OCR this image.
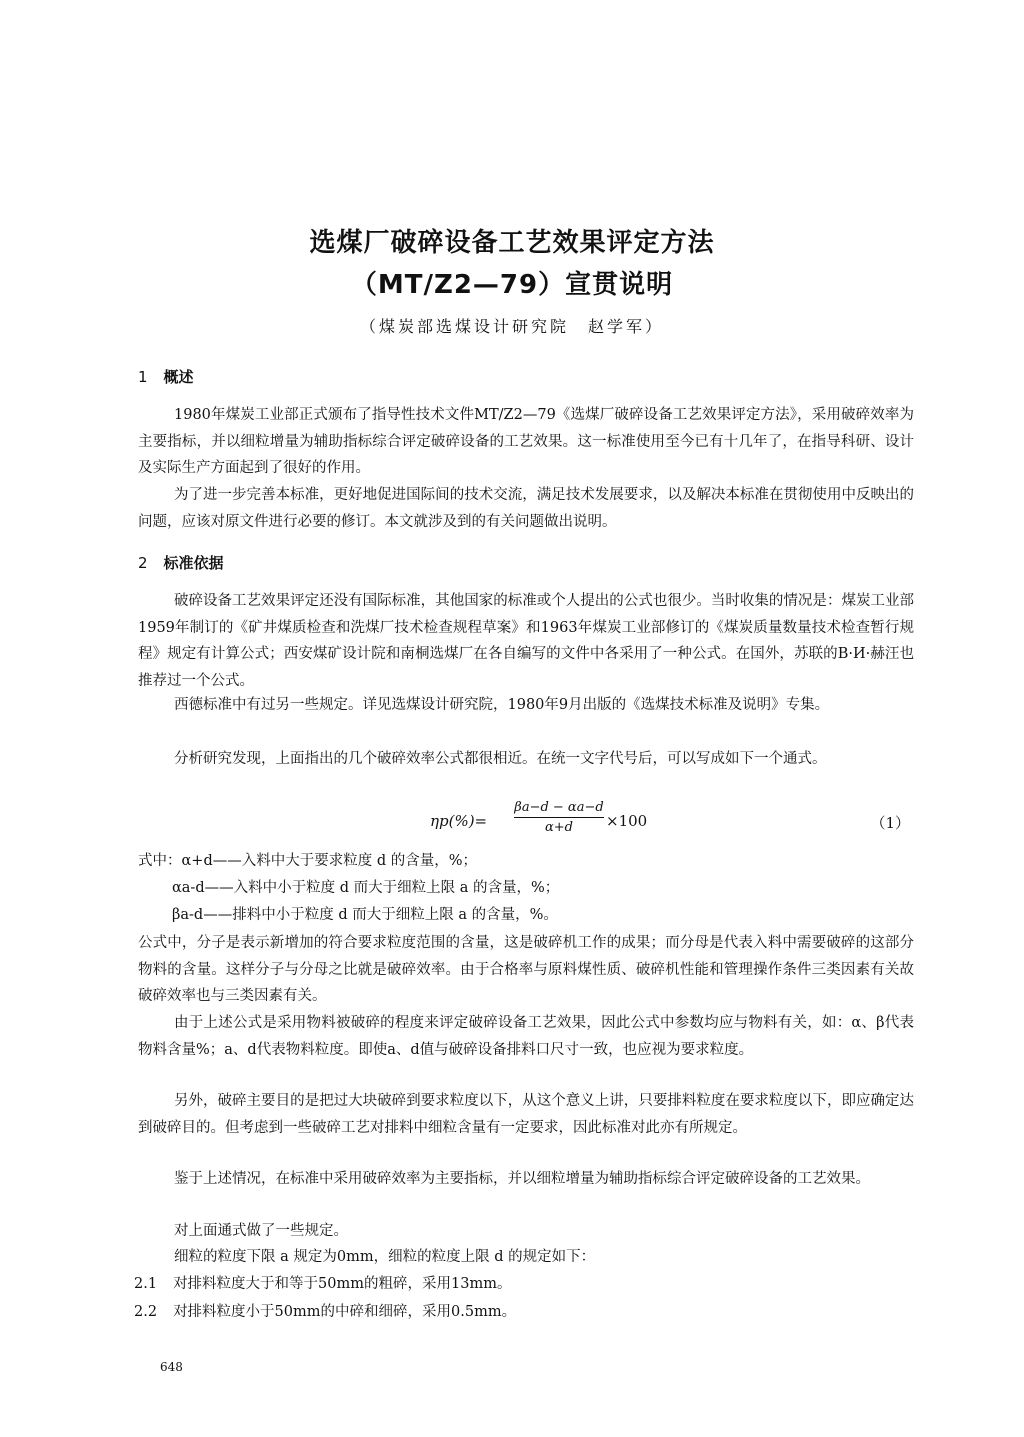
选煤厂破碎设备工艺效果评定方法
（MT/Z2—79）宣贯说明
（煤炭部选煤设计研究院　赵学军）
1 概述

1980年煤炭工业部正式颁布了指导性技术文件MT/Z2—79《选煤厂破碎设备工艺效果评定方法》，采用破碎效率为主要指标，并以细粒增量为辅助指标综合评定破碎设备的工艺效果。这一标准使用至今已有十几年了，在指导科研、设计及实际生产方面起到了很好的作用。

为了进一步完善本标准，更好地促进国际间的技术交流，满足技术发展要求，以及解决本标准在贯彻使用中反映出的问题，应该对原文件进行必要的修订。本文就涉及到的有关问题做出说明。

2 标准依据

破碎设备工艺效果评定还没有国际标准，其他国家的标准或个人提出的公式也很少。当时收集的情况是：煤炭工业部1959年制订的《矿井煤质检查和洗煤厂技术检查规程草案》和1963年煤炭工业部修订的《煤炭质量数量技术检查暂行规程》规定有计算公式；西安煤矿设计院和南桐选煤厂在各自编写的文件中各采用了一种公式。在国外，苏联的B·И·赫汪也推荐过一个公式。

西德标准中有过另一些规定。详见选煤设计研究院，1980年9月出版的《选煤技术标准及说明》专集。

分析研究发现，上面指出的几个破碎效率公式都很相近。在统一文字代号后，可以写成如下一个通式。

$\eta p(\%)= \frac{\beta a-d - \alpha a-d}{\alpha+d} \times 100$	（1）
式中：α+d——入料中大于要求粒度 d 的含量，%；
αa-d——入料中小于粒度 d 而大于细粒上限 a 的含量，%；
βa-d——排料中小于粒度 d 而大于细粒上限 a 的含量，%。

公式中，分子是表示新增加的符合要求粒度范围的含量，这是破碎机工作的成果；而分母是代表入料中需要破碎的这部分物料的含量。这样分子与分母之比就是破碎效率。由于合格率与原料煤性质、破碎机性能和管理操作条件三类因素有关故破碎效率也与三类因素有关。

由于上述公式是采用物料被破碎的程度来评定破碎设备工艺效果，因此公式中参数均应与物料有关，如：α、β代表物料含量%；a、d代表物料粒度。即使a、d值与破碎设备排料口尺寸一致，也应视为要求粒度。

另外，破碎主要目的是把过大块破碎到要求粒度以下，从这个意义上讲，只要排料粒度在要求粒度以下，即应确定达到破碎目的。但考虑到一些破碎工艺对排料中细粒含量有一定要求，因此标准对此亦有所规定。

鉴于上述情况，在标准中采用破碎效率为主要指标，并以细粒增量为辅助指标综合评定破碎设备的工艺效果。

对上面通式做了一些规定。

细粒的粒度下限 a 规定为0mm，细粒的粒度上限 d 的规定如下：

2.1 对排料粒度大于和等于50mm的粗碎，采用13mm。
2.2 对排料粒度小于50mm的中碎和细碎，采用0.5mm。
648
